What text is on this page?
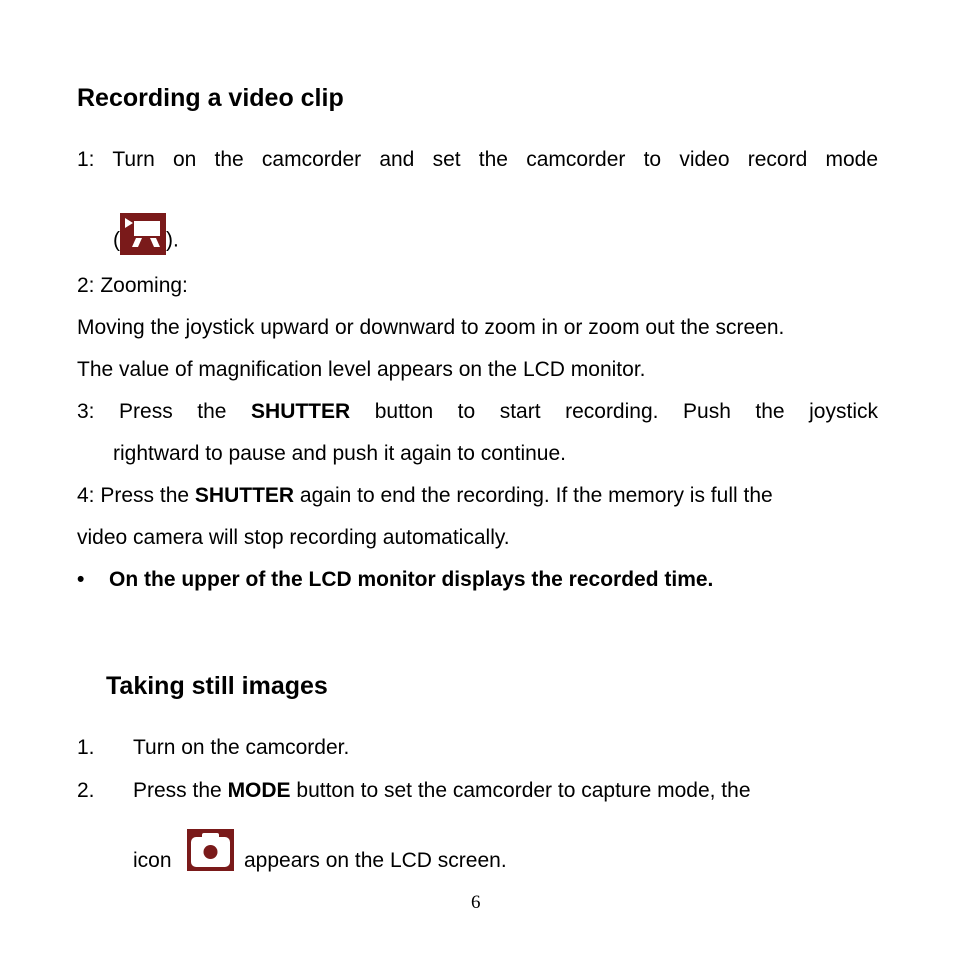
Recording a video clip
1: Turn on the camcorder and set the camcorder to video record mode
( ).
2: Zooming:
Moving the joystick upward or downward to zoom in or zoom out the screen.
The value of magnification level appears on the LCD monitor.
3: Press the SHUTTER button to start recording. Push the joystick
rightward to pause and push it again to continue.
4: Press the SHUTTER again to end the recording. If the memory is full the
video camera will stop recording automatically.
• On the upper of the LCD monitor displays the recorded time.
Taking still images
1. Turn on the camcorder.
2. Press the MODE button to set the camcorder to capture mode, the
icon	appears on the LCD screen.
6
